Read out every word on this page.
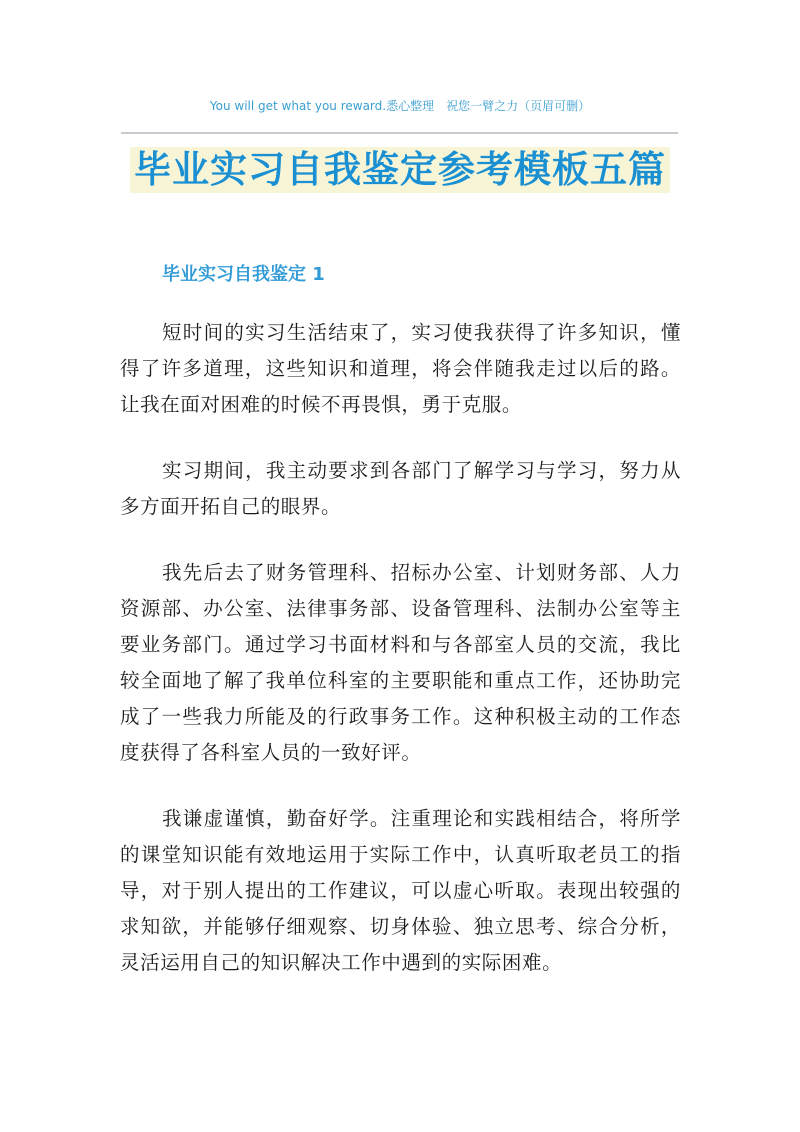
You will get what you reward.悉心整理　祝您一臂之力（页眉可删）
毕业实习自我鉴定参考模板五篇
毕业实习自我鉴定 1

短时间的实习生活结束了，实习使我获得了许多知识，懂得了许多道理，这些知识和道理，将会伴随我走过以后的路。让我在面对困难的时候不再畏惧，勇于克服。

实习期间，我主动要求到各部门了解学习与学习，努力从多方面开拓自己的眼界。

我先后去了财务管理科、招标办公室、计划财务部、人力资源部、办公室、法律事务部、设备管理科、法制办公室等主要业务部门。通过学习书面材料和与各部室人员的交流，我比较全面地了解了我单位科室的主要职能和重点工作，还协助完成了一些我力所能及的行政事务工作。这种积极主动的工作态度获得了各科室人员的一致好评。

我谦虚谨慎，勤奋好学。注重理论和实践相结合，将所学的课堂知识能有效地运用于实际工作中，认真听取老员工的指导，对于别人提出的工作建议，可以虚心听取。表现出较强的求知欲，并能够仔细观察、切身体验、独立思考、综合分析，灵活运用自己的知识解决工作中遇到的实际困难。
